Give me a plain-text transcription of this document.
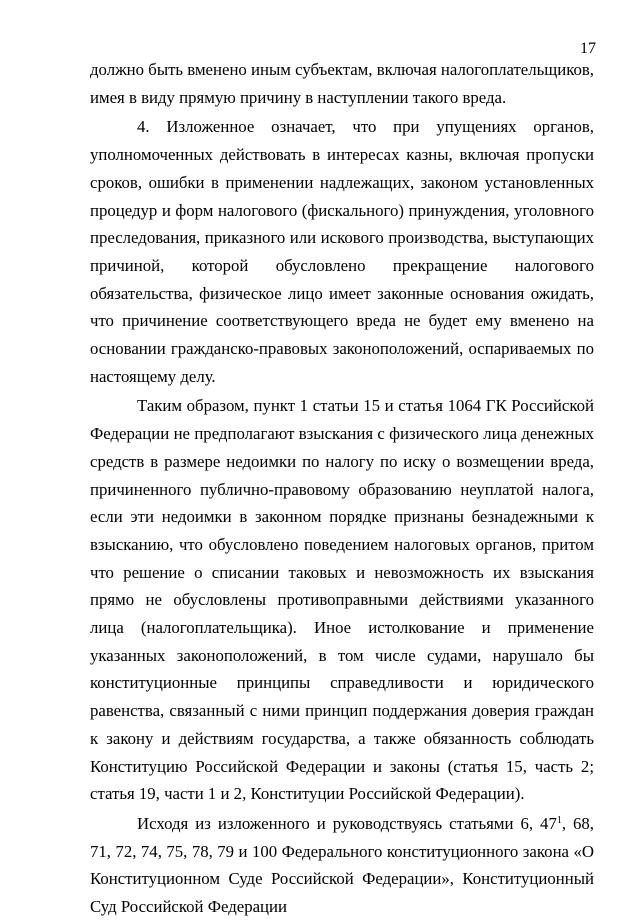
17

должно быть вменено иным субъектам, включая налогоплательщиков, имея в виду прямую причину в наступлении такого вреда.

4. Изложенное означает, что при упущениях органов, уполномоченных действовать в интересах казны, включая пропуски сроков, ошибки в применении надлежащих, законом установленных процедур и форм налогового (фискального) принуждения, уголовного преследования, приказного или искового производства, выступающих причиной, которой обусловлено прекращение налогового обязательства, физическое лицо имеет законные основания ожидать, что причинение соответствующего вреда не будет ему вменено на основании гражданско-правовых законоположений, оспариваемых по настоящему делу.

Таким образом, пункт 1 статьи 15 и статья 1064 ГК Российской Федерации не предполагают взыскания с физического лица денежных средств в размере недоимки по налогу по иску о возмещении вреда, причиненного публично-правовому образованию неуплатой налога, если эти недоимки в законном порядке признаны безнадежными к взысканию, что обусловлено поведением налоговых органов, притом что решение о списании таковых и невозможность их взыскания прямо не обусловлены противоправными действиями указанного лица (налогоплательщика). Иное истолкование и применение указанных законоположений, в том числе судами, нарушало бы конституционные принципы справедливости и юридического равенства, связанный с ними принцип поддержания доверия граждан к закону и действиям государства, а также обязанность соблюдать Конституцию Российской Федерации и законы (статья 15, часть 2; статья 19, части 1 и 2, Конституции Российской Федерации).

Исходя из изложенного и руководствуясь статьями 6, $47^1$, 68, 71, 72, 74, 75, 78, 79 и 100 Федерального конституционного закона «О Конституционном Суде Российской Федерации», Конституционный Суд Российской Федерации
